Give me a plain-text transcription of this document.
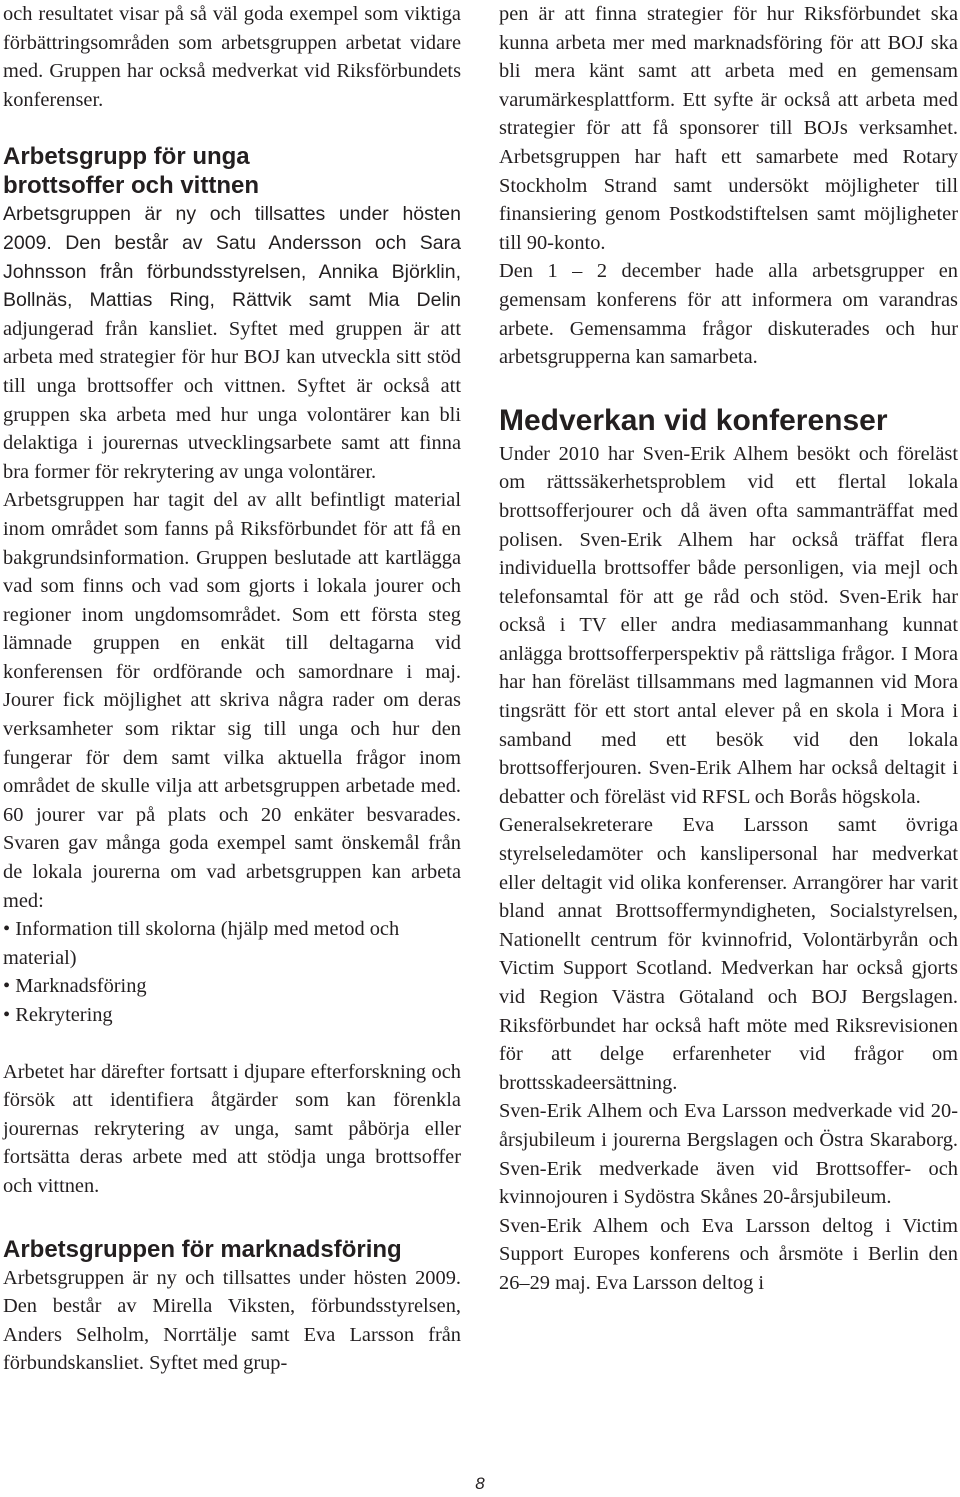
och resultatet visar på så väl goda exempel som viktiga förbättringsområden som arbetsgruppen arbetat vidare med. Gruppen har också medverkat vid Riksförbundets konferenser.

Arbetsgrupp för unga
brottsoffer och vittnen

Arbetsgruppen är ny och tillsattes under hösten 2009. Den består av Satu Andersson och Sara Johnsson från förbundsstyrelsen, Annika Björklin, Bollnäs, Mattias Ring, Rättvik samt Mia Delin adjungerad från kansliet. Syftet med gruppen är att arbeta med strategier för hur BOJ kan utveckla sitt stöd till unga brottsoffer och vittnen. Syftet är också att gruppen ska arbeta med hur unga volontärer kan bli delaktiga i jourernas utvecklingsarbete samt att finna bra former för rekrytering av unga volontärer.

Arbetsgruppen har tagit del av allt befintligt material inom området som fanns på Riksförbundet för att få en bakgrundsinformation. Gruppen beslutade att kartlägga vad som finns och vad som gjorts i lokala jourer och regioner inom ungdomsområdet. Som ett första steg lämnade gruppen en enkät till deltagarna vid konferensen för ordförande och samordnare i maj. Jourer fick möjlighet att skriva några rader om deras verksamheter som riktar sig till unga och hur den fungerar för dem samt vilka aktuella frågor inom området de skulle vilja att arbetsgruppen arbetade med. 60 jourer var på plats och 20 enkäter besvarades. Svaren gav många goda exempel samt önskemål från de lokala jourerna om vad arbetsgruppen kan arbeta med:

• Information till skolorna (hjälp med metod och material)
• Marknadsföring
• Rekrytering

Arbetet har därefter fortsatt i djupare efterforskning och försök att identifiera åtgärder som kan förenkla jourernas rekrytering av unga, samt påbörja eller fortsätta deras arbete med att stödja unga brottsoffer och vittnen.

Arbetsgruppen för marknadsföring

Arbetsgruppen är ny och tillsattes under hösten 2009. Den består av Mirella Viksten, förbundsstyrelsen, Anders Selholm, Norrtälje samt Eva Larsson från förbundskansliet. Syftet med grup-

pen är att finna strategier för hur Riksförbundet ska kunna arbeta mer med marknadsföring för att BOJ ska bli mera känt samt att arbeta med en gemensam varumärkesplattform. Ett syfte är också att arbeta med strategier för att få sponsorer till BOJs verksamhet. Arbetsgruppen har haft ett samarbete med Rotary Stockholm Strand samt undersökt möjligheter till finansiering genom Postkodstiftelsen samt möjligheter till 90-konto.

Den 1 – 2 december hade alla arbetsgrupper en gemensam konferens för att informera om varandras arbete. Gemensamma frågor diskuterades och hur arbetsgrupperna kan samarbeta.

Medverkan vid konferenser

Under 2010 har Sven-Erik Alhem besökt och föreläst om rättssäkerhetsproblem vid ett flertal lokala brottsofferjourer och då även ofta sammanträffat med polisen. Sven-Erik Alhem har också träffat flera individuella brottsoffer både personligen, via mejl och telefonsamtal för att ge råd och stöd. Sven-Erik har också i TV eller andra mediasammanhang kunnat anlägga brottsofferperspektiv på rättsliga frågor. I Mora har han föreläst tillsammans med lagmannen vid Mora tingsrätt för ett stort antal elever på en skola i Mora i samband med ett besök vid den lokala brottsofferjouren. Sven-Erik Alhem har också deltagit i debatter och föreläst vid RFSL och Borås högskola.

Generalsekreterare Eva Larsson samt övriga styrelseledamöter och kanslipersonal har medverkat eller deltagit vid olika konferenser. Arrangörer har varit bland annat Brottsoffermyndigheten, Socialstyrelsen, Nationellt centrum för kvinnofrid, Volontärbyrån och Victim Support Scotland. Medverkan har också gjorts vid Region Västra Götaland och BOJ Bergslagen. Riksförbundet har också haft möte med Riksrevisionen för att delge erfarenheter vid frågor om brottsskadeersättning.

Sven-Erik Alhem och Eva Larsson medverkade vid 20-årsjubileum i jourerna Bergslagen och Östra Skaraborg. Sven-Erik medverkade även vid Brottsoffer- och kvinnojouren i Sydöstra Skånes 20-årsjubileum.

Sven-Erik Alhem och Eva Larsson deltog i Victim Support Europes konferens och årsmöte i Berlin den 26–29 maj. Eva Larsson deltog i

8
